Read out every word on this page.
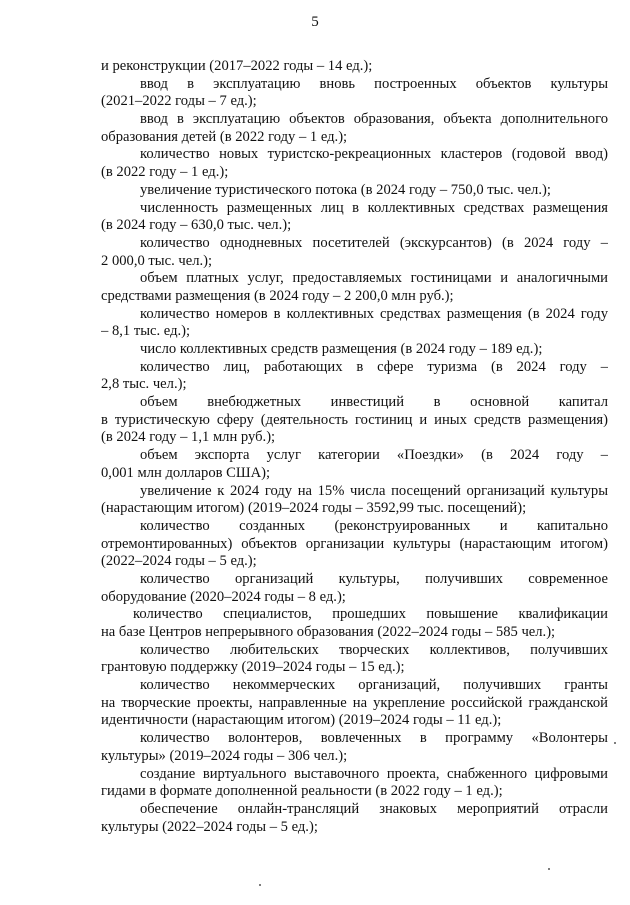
5
и реконструкции (2017–2022 годы – 14 ед.);
ввод в эксплуатацию вновь построенных объектов культуры
(2021–2022 годы – 7 ед.);
ввод в эксплуатацию объектов образования, объекта дополнительного
образования детей (в 2022 году – 1 ед.);
количество новых туристско-рекреационных кластеров (годовой ввод)
(в 2022 году – 1 ед.);
увеличение туристического потока (в 2024 году – 750,0 тыс. чел.);
численность размещенных лиц в коллективных средствах размещения
(в 2024 году – 630,0 тыс. чел.);
количество однодневных посетителей (экскурсантов) (в 2024 году –
2 000,0 тыс. чел.);
объем платных услуг, предоставляемых гостиницами и аналогичными
средствами размещения (в 2024 году – 2 200,0 млн руб.);
количество номеров в коллективных средствах размещения (в 2024 году
– 8,1 тыс. ед.);
число коллективных средств размещения (в 2024 году – 189 ед.);
количество лиц, работающих в сфере туризма (в 2024 году –
2,8 тыс. чел.);
объем внебюджетных инвестиций в основной капитал
в туристическую сферу (деятельность гостиниц и иных средств размещения)
(в 2024 году – 1,1 млн руб.);
объем экспорта услуг категории «Поездки» (в 2024 году –
0,001 млн долларов США);
увеличение к 2024 году на 15% числа посещений организаций культуры
(нарастающим итогом) (2019–2024 годы – 3592,99 тыс. посещений);
количество созданных (реконструированных и капитально
отремонтированных) объектов организации культуры (нарастающим итогом)
(2022–2024 годы – 5 ед.);
количество организаций культуры, получивших современное
оборудование (2020–2024 годы – 8 ед.);
количество специалистов, прошедших повышение квалификации
на базе Центров непрерывного образования (2022–2024 годы – 585 чел.);
количество любительских творческих коллективов, получивших
грантовую поддержку (2019–2024 годы – 15 ед.);
количество некоммерческих организаций, получивших гранты
на творческие проекты, направленные на укрепление российской гражданской
идентичности (нарастающим итогом) (2019–2024 годы – 11 ед.);
количество волонтеров, вовлеченных в программу «Волонтеры
культуры» (2019–2024 годы – 306 чел.);
создание виртуального выставочного проекта, снабженного цифровыми
гидами в формате дополненной реальности (в 2022 году – 1 ед.);
обеспечение онлайн-трансляций знаковых мероприятий отрасли
культуры (2022–2024 годы – 5 ед.);
